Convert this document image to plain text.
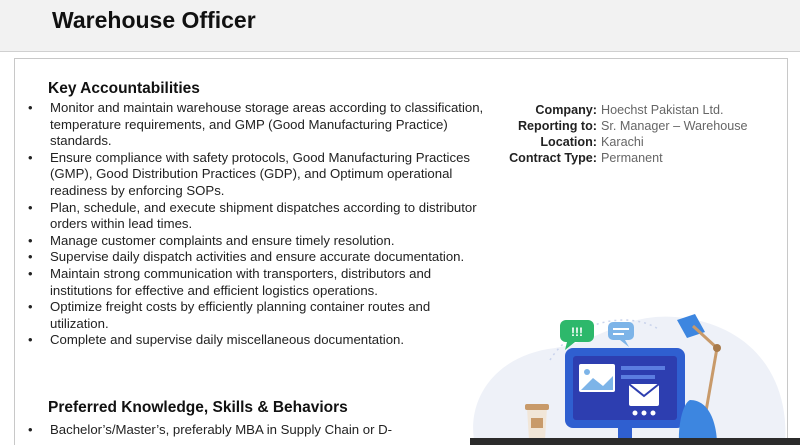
Warehouse Officer
Key Accountabilities
• Monitor and maintain warehouse storage areas according to classification, temperature requirements, and GMP (Good Manufacturing Practice) standards.
• Ensure compliance with safety protocols, Good Manufacturing Practices (GMP), Good Distribution Practices (GDP), and Optimum operational readiness by enforcing SOPs.
• Plan, schedule, and execute shipment dispatches according to distributor orders within lead times.
• Manage customer complaints and ensure timely resolution.
• Supervise daily dispatch activities and ensure accurate documentation.
• Maintain strong communication with transporters, distributors and institutions for effective and efficient logistics operations.
• Optimize freight costs by efficiently planning container routes and utilization.
• Complete and supervise daily miscellaneous documentation.
Preferred Knowledge, Skills & Behaviors
• Bachelor’s/Master’s, preferably MBA in Supply Chain or D-
Company: Hoechst Pakistan Ltd.
Reporting to: Sr. Manager – Warehouse
Location: Karachi
Contract Type: Permanent
!!!
